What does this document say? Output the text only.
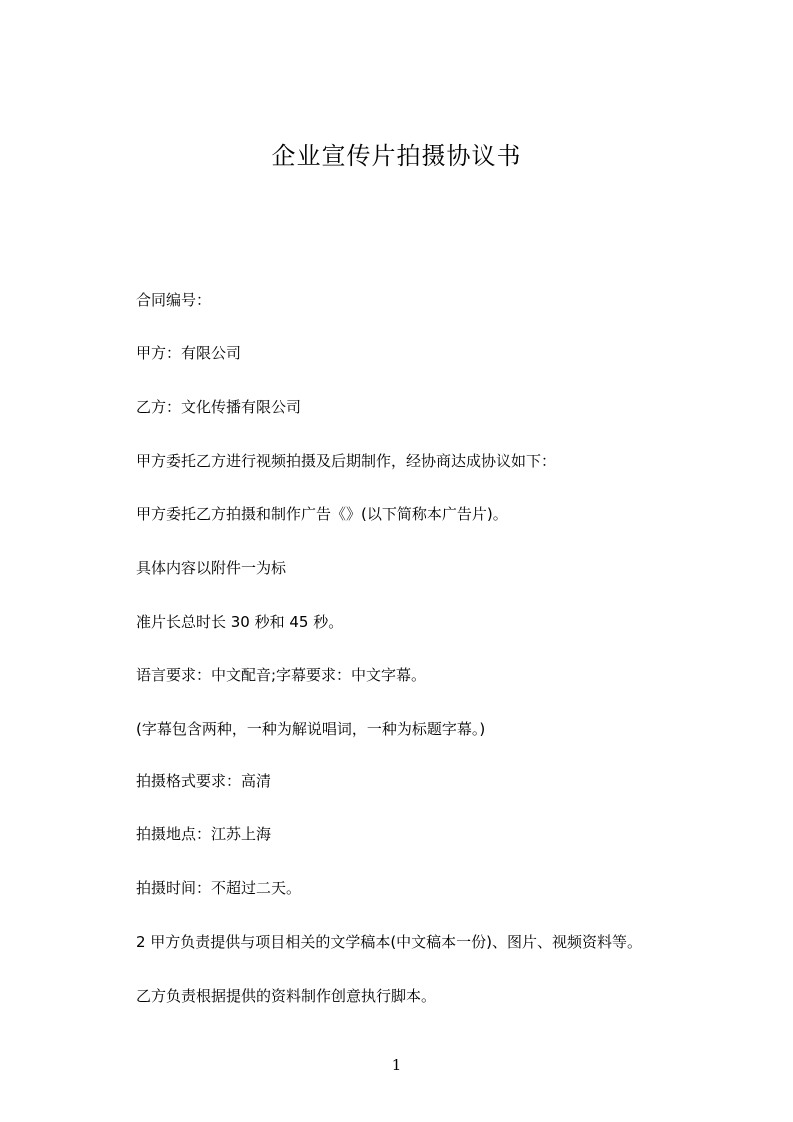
企业宣传片拍摄协议书
合同编号：
甲方：有限公司
乙方：文化传播有限公司
甲方委托乙方进行视频拍摄及后期制作，经协商达成协议如下：
甲方委托乙方拍摄和制作广告《》(以下简称本广告片)。
具体内容以附件一为标
准片长总时长 30 秒和 45 秒。
语言要求：中文配音;字幕要求：中文字幕。
(字幕包含两种，一种为解说唱词，一种为标题字幕。)
拍摄格式要求：高清
拍摄地点：江苏上海
拍摄时间：不超过二天。
2 甲方负责提供与项目相关的文学稿本(中文稿本一份)、图片、视频资料等。
乙方负责根据提供的资料制作创意执行脚本。
1
